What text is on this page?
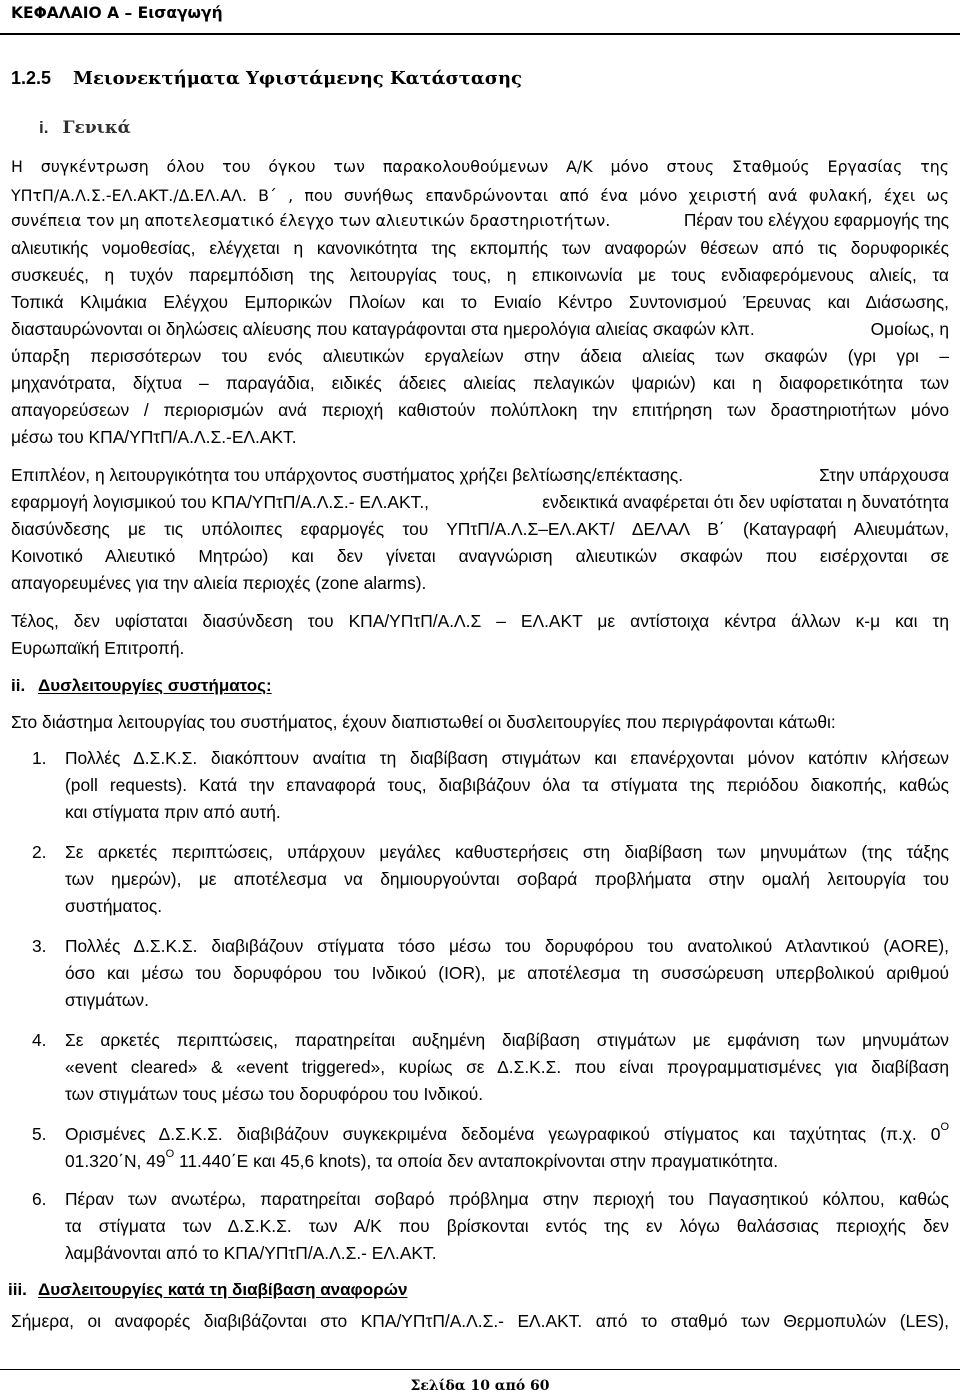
ΚΕΦΑΛΑΙΟ Α – Εισαγωγή
1.2.5 Μειονεκτήματα Υφιστάμενης Κατάστασης
i. Γενικά
Η συγκέντρωση όλου του όγκου των παρακολουθούμενων Α/Κ μόνο στους Σταθμούς Εργασίας της
ΥΠτΠ/Α.Λ.Σ.-ΕΛ.ΑΚΤ./Δ.ΕΛ.ΑΛ. Β΄ , που συνήθως επανδρώνονται από ένα μόνο χειριστή ανά φυλακή, έχει ως
συνέπεια τον μη αποτελεσματικό έλεγχο των αλιευτικών δραστηριοτήτων.	Πέραν του ελέγχου εφαρμογής της
αλιευτικής νομοθεσίας, ελέγχεται η κανονικότητα της εκπομπής των αναφορών θέσεων από τις δορυφορικές
συσκευές, η τυχόν παρεμπόδιση της λειτουργίας τους, η επικοινωνία με τους ενδιαφερόμενους αλιείς, τα
Τοπικά Κλιμάκια Ελέγχου Εμπορικών Πλοίων και το Ενιαίο Κέντρο Συντονισμού Έρευνας και Διάσωσης,
διασταυρώνονται οι δηλώσεις αλίευσης που καταγράφονται στα ημερολόγια αλιείας σκαφών κλπ.	Ομοίως, η
ύπαρξη περισσότερων του ενός αλιευτικών εργαλείων στην άδεια αλιείας των σκαφών (γρι γρι –
μηχανότρατα, δίχτυα – παραγάδια, ειδικές άδειες αλιείας πελαγικών ψαριών) και η διαφορετικότητα των
απαγορεύσεων / περιορισμών ανά περιοχή καθιστούν πολύπλοκη την επιτήρηση των δραστηριοτήτων μόνο
μέσω του ΚΠΑ/ΥΠτΠ/Α.Λ.Σ.-ΕΛ.ΑΚΤ.
Επιπλέον, η λειτουργικότητα του υπάρχοντος συστήματος χρήζει βελτίωσης/επέκτασης.	Στην υπάρχουσα
εφαρμογή λογισμικού του ΚΠΑ/ΥΠτΠ/Α.Λ.Σ.- ΕΛ.ΑΚΤ.,	ενδεικτικά αναφέρεται ότι δεν υφίσταται η δυνατότητα
διασύνδεσης με τις υπόλοιπες εφαρμογές του ΥΠτΠ/Α.Λ.Σ–ΕΛ.ΑΚΤ/ ΔΕΛΑΛ Β΄ (Καταγραφή Αλιευμάτων,
Κοινοτικό Αλιευτικό Μητρώο) και δεν γίνεται αναγνώριση αλιευτικών σκαφών που εισέρχονται σε
απαγορευμένες για την αλιεία περιοχές (zone alarms).
Τέλος, δεν υφίσταται διασύνδεση του ΚΠΑ/ΥΠτΠ/Α.Λ.Σ – ΕΛ.ΑΚΤ με αντίστοιχα κέντρα άλλων κ-μ και τη
Ευρωπαϊκή Επιτροπή.
ii. Δυσλειτουργίες συστήματος:
Στο διάστημα λειτουργίας του συστήματος, έχουν διαπιστωθεί οι δυσλειτουργίες που περιγράφονται κάτωθι:
1. Πολλές Δ.Σ.Κ.Σ. διακόπτουν αναίτια τη διαβίβαση στιγμάτων και επανέρχονται μόνον κατόπιν κλήσεων
(poll requests). Κατά την επαναφορά τους, διαβιβάζουν όλα τα στίγματα της περιόδου διακοπής, καθώς
και στίγματα πριν από αυτή.
2. Σε αρκετές περιπτώσεις, υπάρχουν μεγάλες καθυστερήσεις στη διαβίβαση των μηνυμάτων (της τάξης
των ημερών), με αποτέλεσμα να δημιουργούνται σοβαρά προβλήματα στην ομαλή λειτουργία του
συστήματος.
3. Πολλές Δ.Σ.Κ.Σ. διαβιβάζουν στίγματα τόσο μέσω του δορυφόρου του ανατολικού Ατλαντικού (AORE),
όσο και μέσω του δορυφόρου του Ινδικού (IOR), με αποτέλεσμα τη συσσώρευση υπερβολικού αριθμού
στιγμάτων.
4. Σε αρκετές περιπτώσεις, παρατηρείται αυξημένη διαβίβαση στιγμάτων με εμφάνιση των μηνυμάτων
«event cleared» & «event triggered», κυρίως σε Δ.Σ.Κ.Σ. που είναι προγραμματισμένες για διαβίβαση
των στιγμάτων τους μέσω του δορυφόρου του Ινδικού.
5. Ορισμένες Δ.Σ.Κ.Σ. διαβιβάζουν συγκεκριμένα δεδομένα γεωγραφικού στίγματος και ταχύτητας (π.χ. $0^O$
01.320΄Ν, $49^O$ 11.440΄Ε και 45,6 knots), τα οποία δεν ανταποκρίνονται στην πραγματικότητα.
6. Πέραν των ανωτέρω, παρατηρείται σοβαρό πρόβλημα στην περιοχή του Παγασητικού κόλπου, καθώς
τα στίγματα των Δ.Σ.Κ.Σ. των Α/Κ που βρίσκονται εντός της εν λόγω θαλάσσιας περιοχής δεν
λαμβάνονται από το ΚΠΑ/ΥΠτΠ/Α.Λ.Σ.- ΕΛ.ΑΚΤ.
iii. Δυσλειτουργίες κατά τη διαβίβαση αναφορών
Σήμερα, οι αναφορές διαβιβάζονται στο ΚΠΑ/ΥΠτΠ/Α.Λ.Σ.- ΕΛ.ΑΚΤ. από το σταθμό των Θερμοπυλών (LES),
Σελίδα 10 από 60
